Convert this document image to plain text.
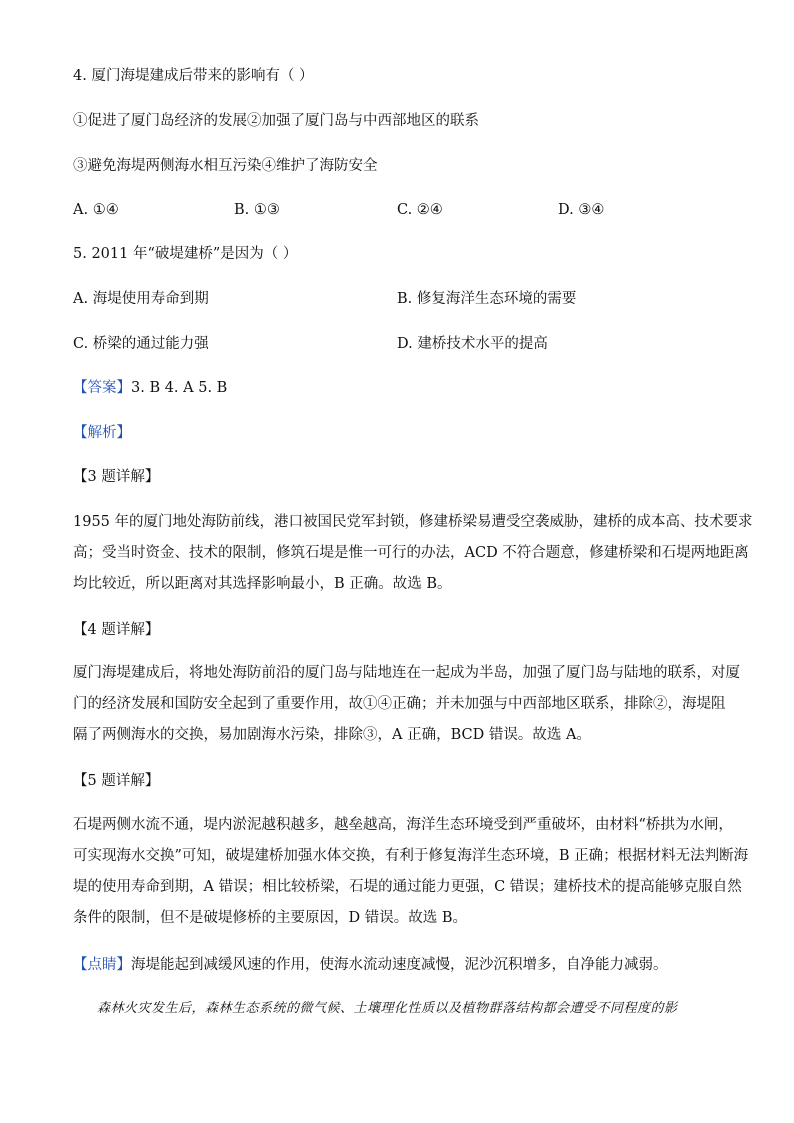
4. 厦门海堤建成后带来的影响有（ ）
①促进了厦门岛经济的发展②加强了厦门岛与中西部地区的联系
③避免海堤两侧海水相互污染④维护了海防安全
A. ①④	B. ①③	C. ②④	D. ③④
5. 2011 年“破堤建桥”是因为（ ）
A. 海堤使用寿命到期	B. 修复海洋生态环境的需要
C. 桥梁的通过能力强	D. 建桥技术水平的提高
【答案】3. B 4. A 5. B
【解析】
【3 题详解】
1955 年的厦门地处海防前线，港口被国民党军封锁，修建桥梁易遭受空袭威胁，建桥的成本高、技术要求
高；受当时资金、技术的限制，修筑石堤是惟一可行的办法，ACD 不符合题意，修建桥梁和石堤两地距离
均比较近，所以距离对其选择影响最小，B 正确。故选 B。
【4 题详解】
厦门海堤建成后，将地处海防前沿的厦门岛与陆地连在一起成为半岛，加强了厦门岛与陆地的联系，对厦
门的经济发展和国防安全起到了重要作用，故①④正确；并未加强与中西部地区联系，排除②，海堤阻
隔了两侧海水的交换，易加剧海水污染，排除③，A 正确，BCD 错误。故选 A。
【5 题详解】
石堤两侧水流不通，堤内淤泥越积越多，越垒越高，海洋生态环境受到严重破坏，由材料“桥拱为水闸，
可实现海水交换”可知，破堤建桥加强水体交换，有利于修复海洋生态环境，B 正确；根据材料无法判断海
堤的使用寿命到期，A 错误；相比较桥梁，石堤的通过能力更强，C 错误；建桥技术的提高能够克服自然
条件的限制，但不是破堤修桥的主要原因，D 错误。故选 B。
【点睛】海堤能起到减缓风速的作用，使海水流动速度减慢，泥沙沉积增多，自净能力减弱。
森林火灾发生后，森林生态系统的微气候、土壤理化性质以及植物群落结构都会遭受不同程度的影
